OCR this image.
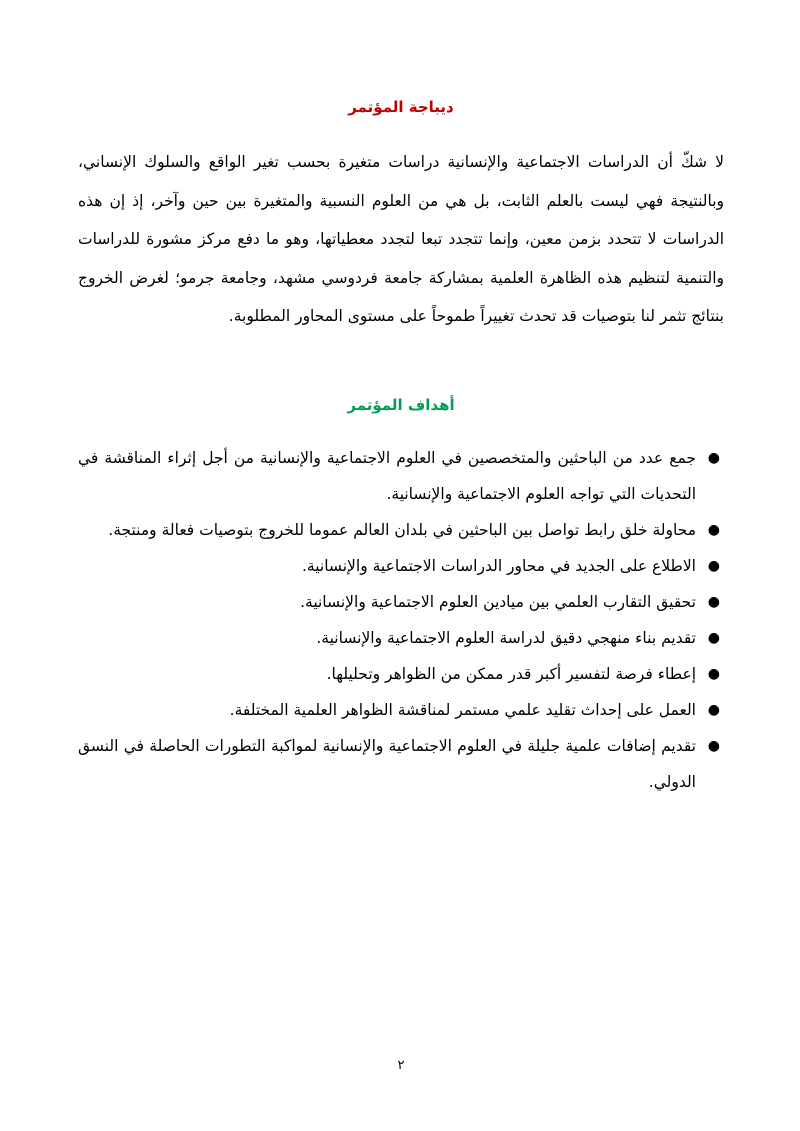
ديباجة المؤتمر

لا شكّ أن الدراسات الاجتماعية والإنسانية دراسات متغيرة بحسب تغير الواقع والسلوك الإنساني، وبالنتيجة فهي ليست بالعلم الثابت، بل هي من العلوم النسبية والمتغيرة بين حين وآخر، إذ إن هذه الدراسات لا تتحدد بزمن معين، وإنما تتجدد تبعا لتجدد معطياتها، وهو ما دفع مركز مشورة للدراسات والتنمية لتنظيم هذه الظاهرة العلمية بمشاركة جامعة فردوسي مشهد، وجامعة جرمو؛ لغرض الخروج بنتائج تثمر لنا بتوصيات قد تحدث تغييراً طموحاً على مستوى المحاور المطلوبة.

أهداف المؤتمر
●
جمع عدد من الباحثين والمتخصصين في العلوم الاجتماعية والإنسانية من أجل إثراء المناقشة في التحديات التي تواجه العلوم الاجتماعية والإنسانية.
●
محاولة خلق رابط تواصل بين الباحثين في بلدان العالم عموما للخروج بتوصيات فعالة ومنتجة.
●
الاطلاع على الجديد في محاور الدراسات الاجتماعية والإنسانية.
●
تحقيق التقارب العلمي بين ميادين العلوم الاجتماعية والإنسانية.
●
تقديم بناء منهجي دقيق لدراسة العلوم الاجتماعية والإنسانية.
●
إعطاء فرصة لتفسير أكبر قدر ممكن من الظواهر وتحليلها.
●
العمل على إحداث تقليد علمي مستمر لمناقشة الظواهر العلمية المختلفة.
●
تقديم إضافات علمية جليلة في العلوم الاجتماعية والإنسانية لمواكبة التطورات الحاصلة في النسق الدولي.
٢
